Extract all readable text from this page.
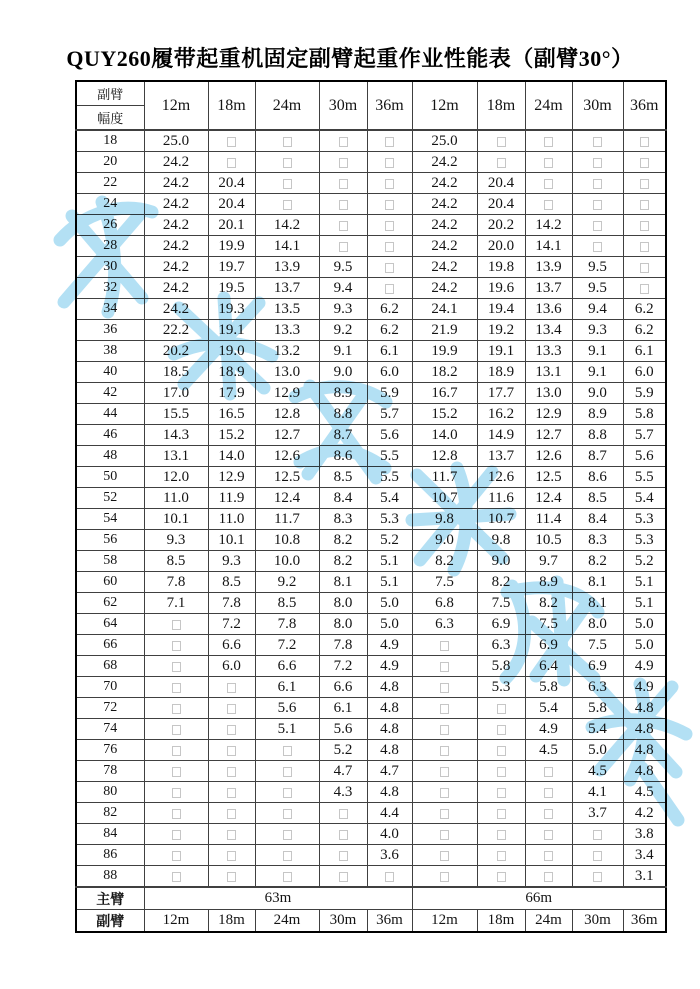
QUY260履带起重机固定副臂起重作业性能表（副臂30°）
副臂
幅度	12m	18m	24m	30m	36m	12m	18m	24m	30m	36m
18	25.0					25.0				
20	24.2					24.2				
22	24.2	20.4				24.2	20.4			
24	24.2	20.4				24.2	20.4			
26	24.2	20.1	14.2			24.2	20.2	14.2		
28	24.2	19.9	14.1			24.2	20.0	14.1		
30	24.2	19.7	13.9	9.5		24.2	19.8	13.9	9.5	
32	24.2	19.5	13.7	9.4		24.2	19.6	13.7	9.5	
34	24.2	19.3	13.5	9.3	6.2	24.1	19.4	13.6	9.4	6.2
36	22.2	19.1	13.3	9.2	6.2	21.9	19.2	13.4	9.3	6.2
38	20.2	19.0	13.2	9.1	6.1	19.9	19.1	13.3	9.1	6.1
40	18.5	18.9	13.0	9.0	6.0	18.2	18.9	13.1	9.1	6.0
42	17.0	17.9	12.9	8.9	5.9	16.7	17.7	13.0	9.0	5.9
44	15.5	16.5	12.8	8.8	5.7	15.2	16.2	12.9	8.9	5.8
46	14.3	15.2	12.7	8.7	5.6	14.0	14.9	12.7	8.8	5.7
48	13.1	14.0	12.6	8.6	5.5	12.8	13.7	12.6	8.7	5.6
50	12.0	12.9	12.5	8.5	5.5	11.7	12.6	12.5	8.6	5.5
52	11.0	11.9	12.4	8.4	5.4	10.7	11.6	12.4	8.5	5.4
54	10.1	11.0	11.7	8.3	5.3	9.8	10.7	11.4	8.4	5.3
56	9.3	10.1	10.8	8.2	5.2	9.0	9.8	10.5	8.3	5.3
58	8.5	9.3	10.0	8.2	5.1	8.2	9.0	9.7	8.2	5.2
60	7.8	8.5	9.2	8.1	5.1	7.5	8.2	8.9	8.1	5.1
62	7.1	7.8	8.5	8.0	5.0	6.8	7.5	8.2	8.1	5.1
64		7.2	7.8	8.0	5.0	6.3	6.9	7.5	8.0	5.0
66		6.6	7.2	7.8	4.9		6.3	6.9	7.5	5.0
68		6.0	6.6	7.2	4.9		5.8	6.4	6.9	4.9
70			6.1	6.6	4.8		5.3	5.8	6.3	4.9
72			5.6	6.1	4.8			5.4	5.8	4.8
74			5.1	5.6	4.8			4.9	5.4	4.8
76				5.2	4.8			4.5	5.0	4.8
78				4.7	4.7				4.5	4.8
80				4.3	4.8				4.1	4.5
82					4.4				3.7	4.2
84					4.0					3.8
86					3.6					3.4
88										3.1
主臂	63m					66m				
副臂	12m	18m	24m	30m	36m	12m	18m	24m	30m	36m
